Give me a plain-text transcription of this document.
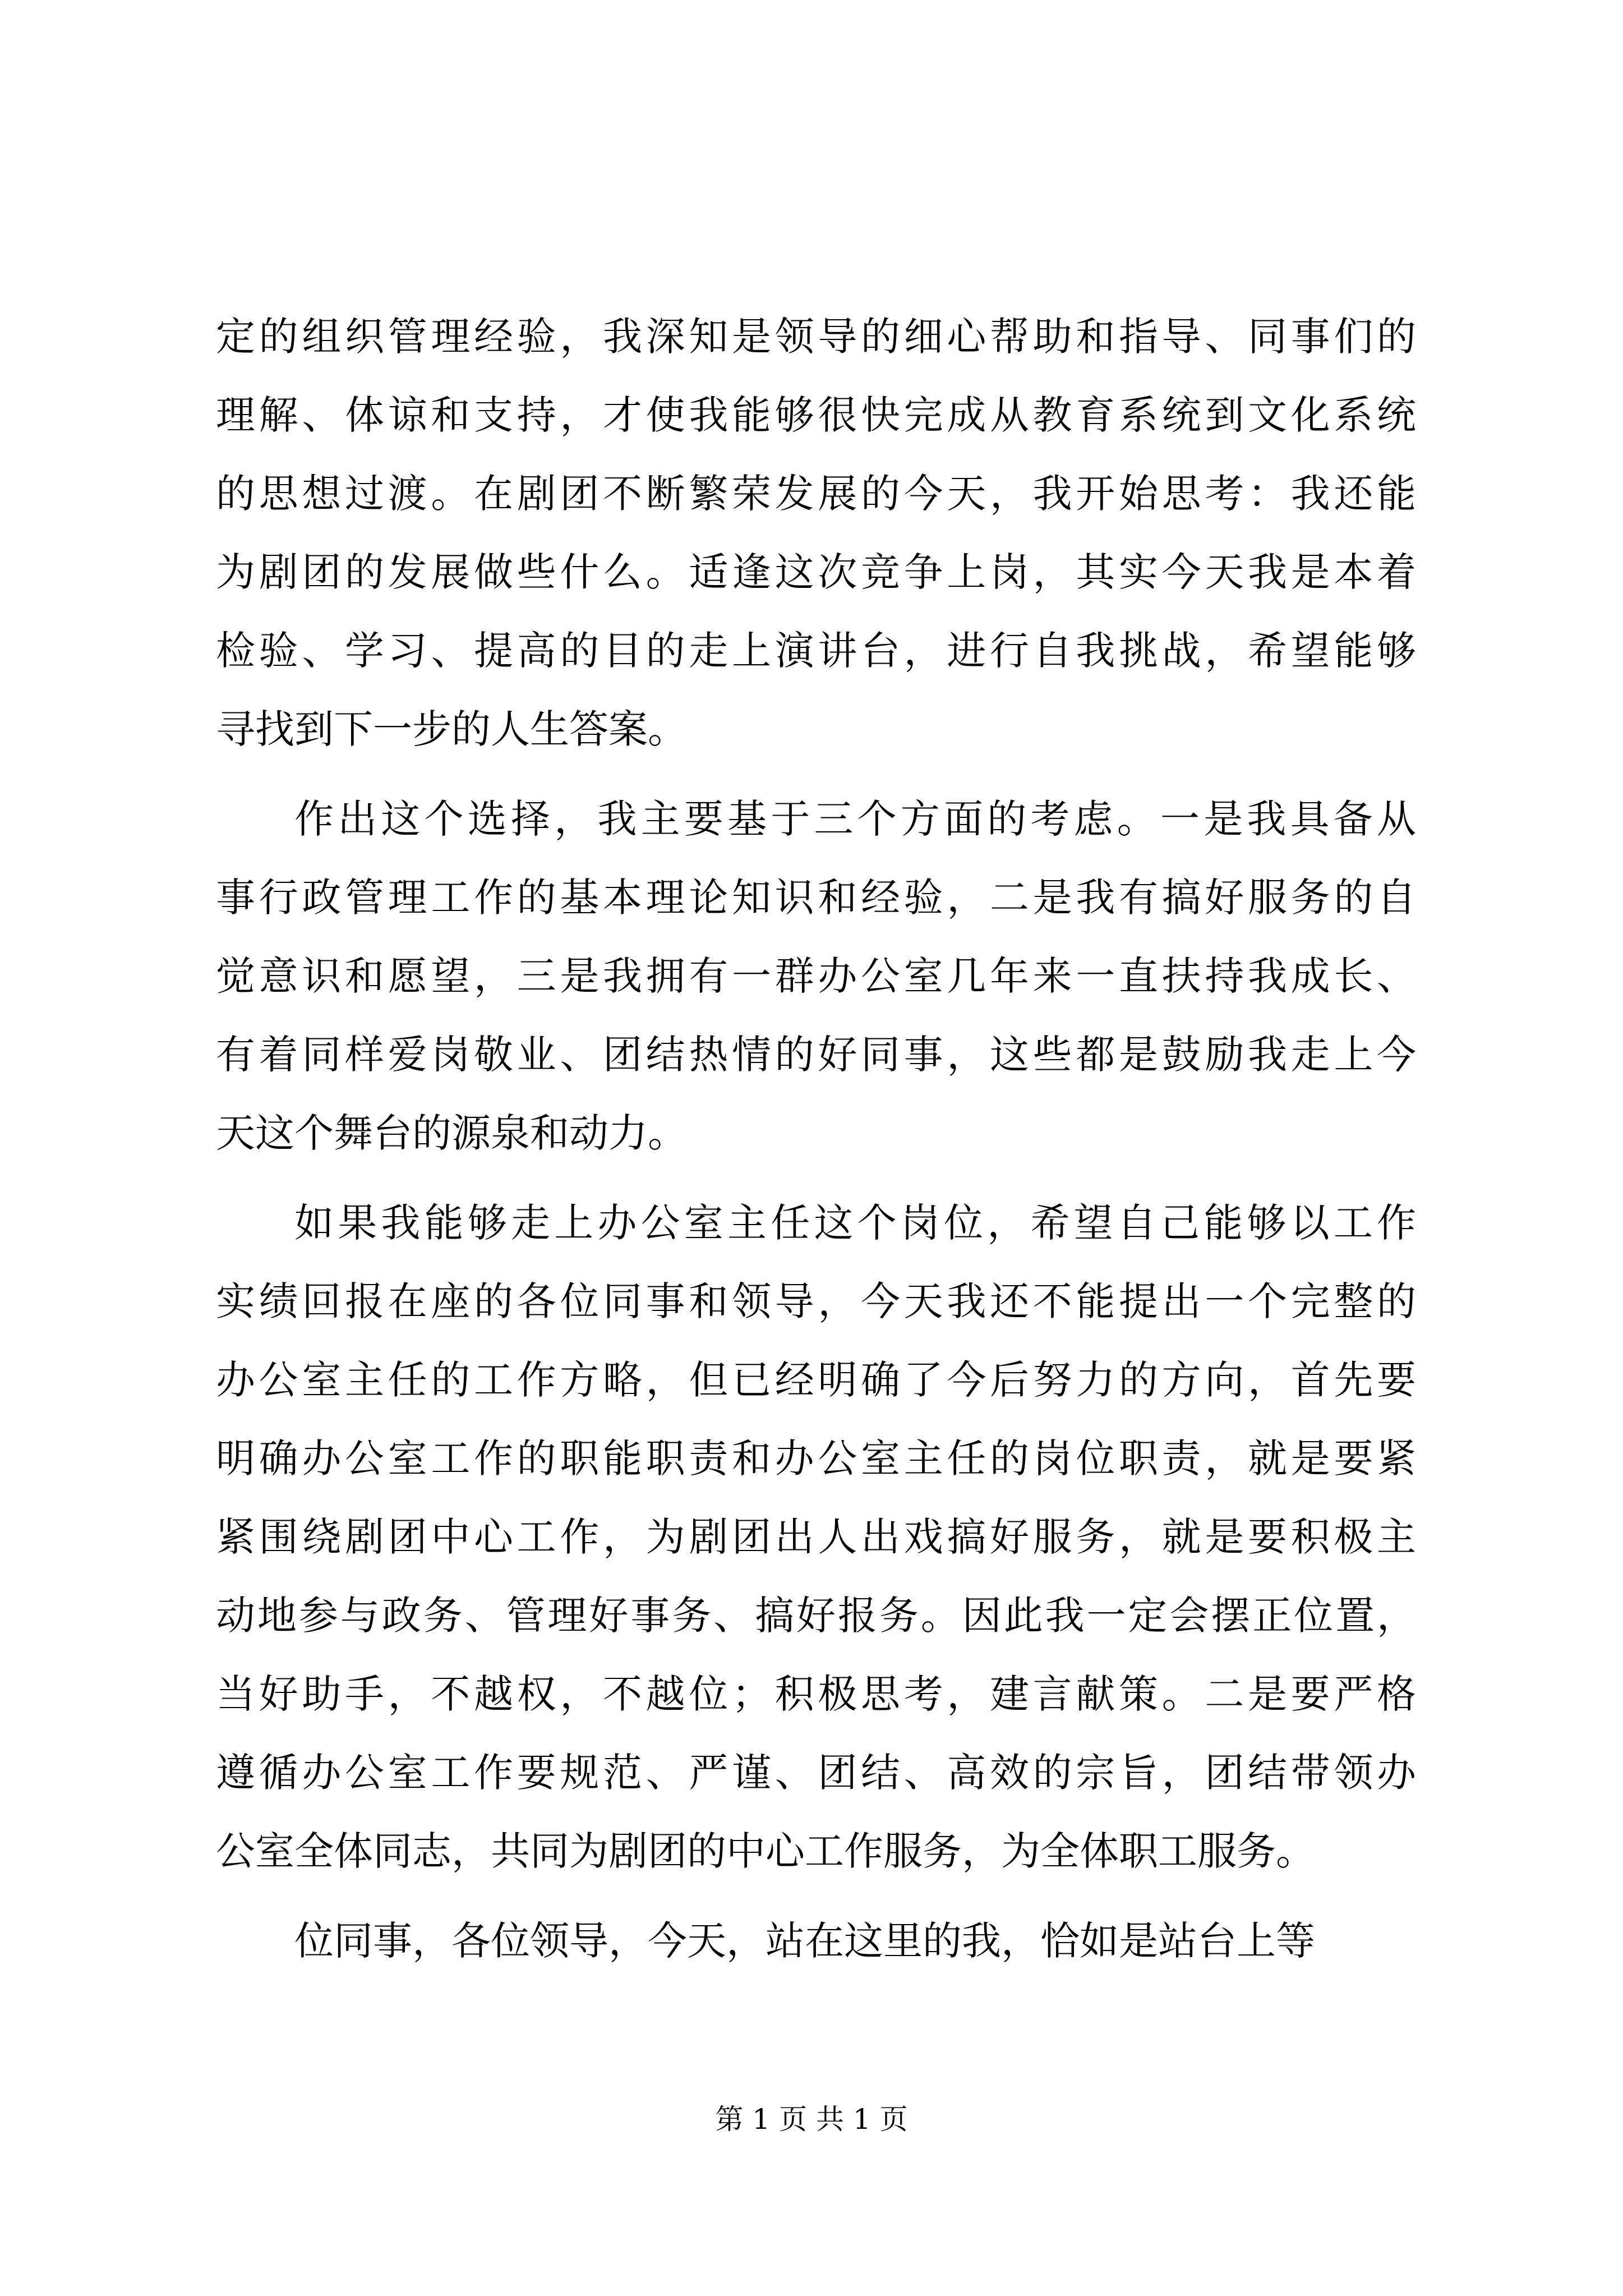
定的组织管理经验，我深知是领导的细心帮助和指导、同事们的
理解、体谅和支持，才使我能够很快完成从教育系统到文化系统
的思想过渡。在剧团不断繁荣发展的今天，我开始思考：我还能
为剧团的发展做些什么。适逢这次竞争上岗，其实今天我是本着
检验、学习、提高的目的走上演讲台，进行自我挑战，希望能够
寻找到下一步的人生答案。
作出这个选择，我主要基于三个方面的考虑。一是我具备从
事行政管理工作的基本理论知识和经验，二是我有搞好服务的自
觉意识和愿望，三是我拥有一群办公室几年来一直扶持我成长、
有着同样爱岗敬业、团结热情的好同事，这些都是鼓励我走上今
天这个舞台的源泉和动力。
如果我能够走上办公室主任这个岗位，希望自己能够以工作
实绩回报在座的各位同事和领导，今天我还不能提出一个完整的
办公室主任的工作方略，但已经明确了今后努力的方向，首先要
明确办公室工作的职能职责和办公室主任的岗位职责，就是要紧
紧围绕剧团中心工作，为剧团出人出戏搞好服务，就是要积极主
动地参与政务、管理好事务、搞好报务。因此我一定会摆正位置，
当好助手，不越权，不越位；积极思考，建言献策。二是要严格
遵循办公室工作要规范、严谨、团结、高效的宗旨，团结带领办
公室全体同志，共同为剧团的中心工作服务，为全体职工服务。
位同事，各位领导，今天，站在这里的我，恰如是站台上等
第 1 页 共 1 页
